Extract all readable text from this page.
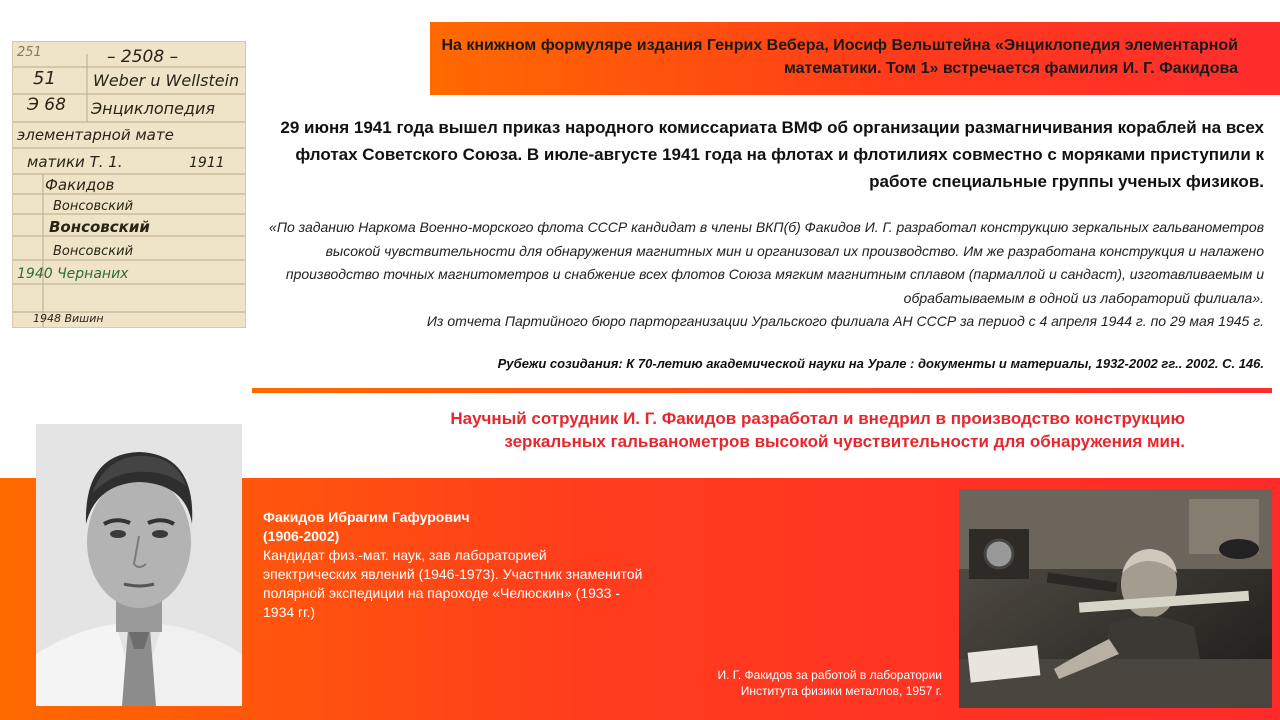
На книжном формуляре издания Генрих Вебера, Иосиф Вельштейна «Энциклопедия элементарной математики. Том 1» встречается фамилия И. Г. Факидова
251	– 2508 –
51 Weber u Wellstein
Э 68 Энциклопедия
элементарной мате
матики Т. 1.	1911
Факидов
Вонсовский
Вонсовский
Вонсовский
1940 Чернаних
1948 Вишин
29 июня 1941 года вышел приказ народного комиссариата ВМФ об организации размагничивания кораблей на всех флотах Советского Союза. В июле-августе 1941 года на флотах и флотилиях совместно с моряками приступили к работе специальные группы ученых физиков.
«По заданию Наркома Военно-морского флота СССР кандидат в члены ВКП(б) Факидов И. Г. разработал конструкцию зеркальных гальванометров высокой чувствительности для обнаружения магнитных мин и организовал их производство. Им же разработана конструкция и налажено производство точных магнитометров и снабжение всех флотов Союза мягким магнитным сплавом (пармаллой и сандаст), изготавливаемым и обрабатываемым в одной из лабораторий филиала».
Из отчета Партийного бюро парторганизации Уральского филиала АН СССР за период с 4 апреля 1944 г. по 29 мая 1945 г.
Рубежи созидания: К 70-летию академической науки на Урале : документы и материалы, 1932-2002 гг.. 2002. С. 146.
Научный сотрудник И. Г. Факидов разработал и внедрил в производство конструкцию
зеркальных гальванометров высокой чувствительности для обнаружения мин.
Факидов Ибрагим Гафурович
(1906-2002)
Кандидат физ.-мат. наук, зав лабораторией эпектрических явлений (1946-1973). Участник знаменитой полярной экспедиции на пароходе «Челюскин» (1933 - 1934 гг.)
И. Г. Факидов за работой в лаборатории
Института физики металлов, 1957 г.
